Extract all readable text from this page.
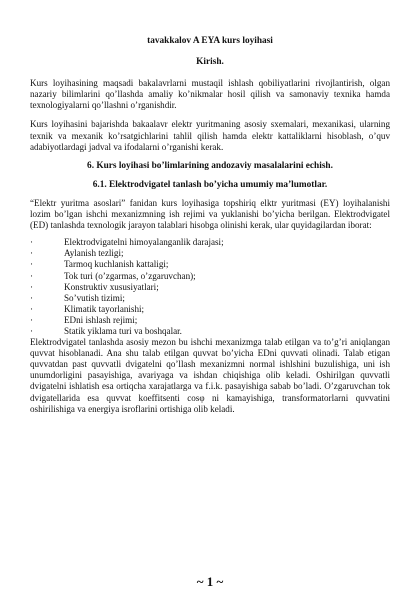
tavakkalov A EYA kurs loyihasi
Kirish.

Kurs loyihasining maqsadi bakalavrlarni mustaqil ishlash qobiliyatlarini rivojlantirish, olgan nazariy bilimlarini qo’llashda amaliy ko’nikmalar hosil qilish va samonaviy texnika hamda texnologiyalarni qo’llashni o’rganishdir.

Kurs loyihasini bajarishda bakaalavr elektr yuritmaning asosiy sxemalari, mexanikasi, ularning texnik va mexanik ko’rsatgichlarini tahlil qilish hamda elektr kattaliklarni hisoblash, o’quv adabiyotlardagi jadval va ifodalarni o’rganishi kerak.

6. Kurs loyihasi bo’limlarining andozaviy masalalarini echish.
6.1. Elektrodvigatel tanlash bo’yicha umumiy ma’lumotlar.

“Elektr yuritma asoslari” fanidan kurs loyihasiga topshiriq elktr yuritmasi (EY) loyihalanishi lozim bo’lgan ishchi mexanizmning ish rejimi va yuklanishi bo’yicha berilgan. Elektrodvigatel (ED) tanlashda texnologik jarayon talablari hisobga olinishi kerak, ular quyidagilardan iborat:

·	Elektrodvigatelni himoyalanganlik darajasi;
·	Aylanish tezligi;
·	Tarmoq kuchlanish kattaligi;
·	Tok turi (o’zgarmas, o’zgaruvchan);
·	Konstruktiv xususiyatlari;
·	So’vutish tizimi;
·	Klimatik tayorlanishi;
·	EDni ishlash rejimi;
·	Statik yiklama turi va boshqalar.

Elektrodvigatel tanlashda asosiy mezon bu ishchi mexanizmga talab etilgan va to’g’ri aniqlangan quvvat hisoblanadi. Ana shu talab etilgan quvvat bo’yicha EDni quvvati olinadi. Talab etigan quvvatdan past quvvatli dvigatelni qo’llash mexanizmni normal ishlshini buzulishiga, uni ish unumdorligini pasayishiga, avariyaga va ishdan chiqishiga olib keladi. Oshirilgan quvvatli dvigatelni ishlatish esa ortiqcha xarajatlarga va f.i.k. pasayishiga sabab bo’ladi. O’zgaruvchan tok dvigatellarida esa quvvat koeffitsenti cosφ ni kamayishiga, transformatorlarni quvvatini oshirilishiga va energiya isroflarini ortishiga olib keladi.

~ 1 ~
